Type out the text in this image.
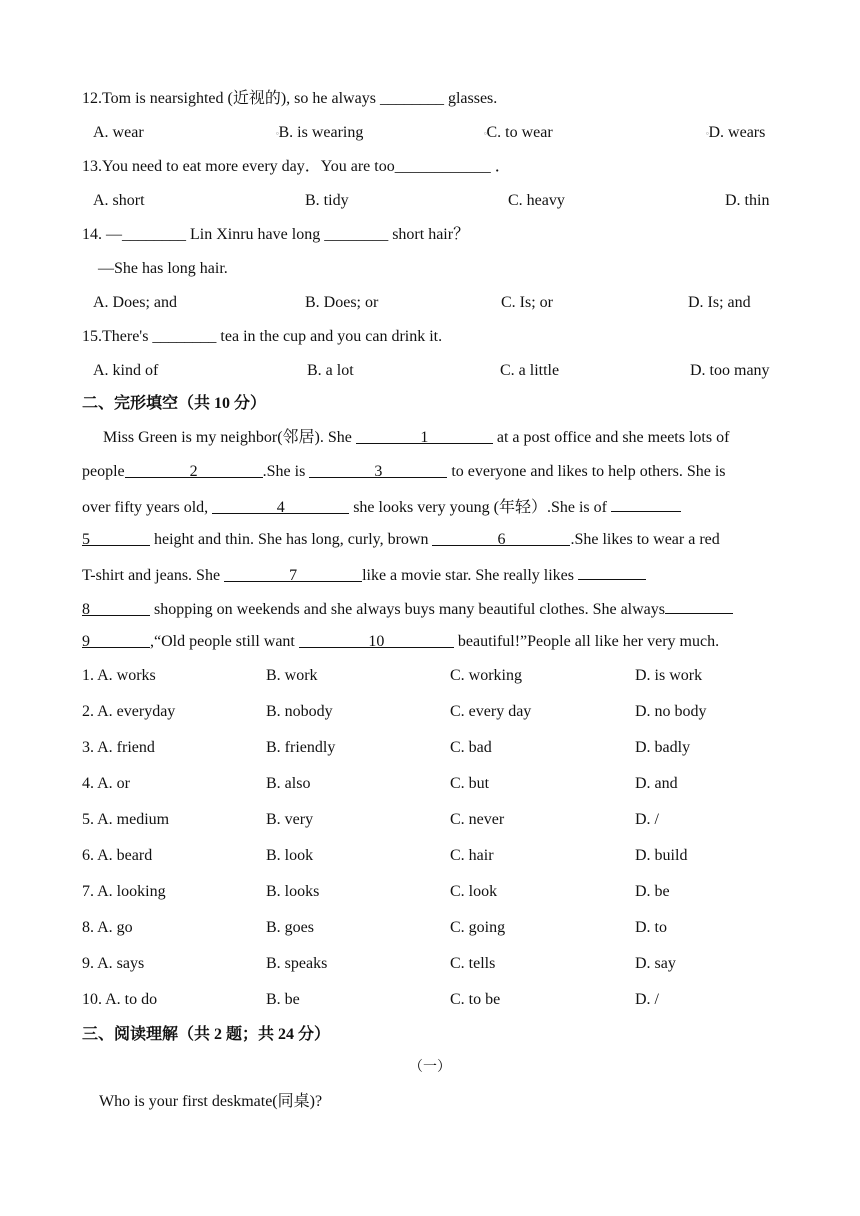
12.Tom is nearsighted (近视的), so he always ________ glasses.
A. wear	▫B. is wearing	▫C. to wear	▫D. wears
13.You need to eat more every day．You are too____________ ．
A. short	B. tidy	C. heavy	D. thin
14. —________ Lin Xinru have long ________ short hair？
—She has long hair.
A. Does; and	B. Does; or	C. Is; or	D. Is; and
15.There's ________ tea in the cup and you can drink it.
A. kind of	B. a lot	C. a little	D. too many
二、完形填空（共 10 分）
Miss Green is my neighbor(邻居). She	1	at a post office and she meets lots of
people	2	.She is	3	to everyone and likes to help others. She is
over fifty years old,	4	she looks very young (年轻）.She is of
5	height and thin. She has long, curly, brown	6	.She likes to wear a red
T-shirt and jeans. She	7	like a movie star. She really likes
8	shopping on weekends and she always buys many beautiful clothes. She always
9	,“Old people still want	10	beautiful!”People all like her very much.
1. A. works	B. work	C. working	D. is work
2. A. everyday	B. nobody	C. every day	D. no body
3. A. friend	B. friendly	C. bad	D. badly
4. A. or	B. also	C. but	D. and
5. A. medium	B. very	C. never	D. /
6. A. beard	B. look	C. hair	D. build
7. A. looking	B. looks	C. look	D. be
8. A. go	B. goes	C. going	D. to
9. A. says	B. speaks	C. tells	D. say
10. A. to do	B. be	C. to be	D. /
三、阅读理解（共 2 题；共 24 分）
（一）
Who is your first deskmate(同桌)?
